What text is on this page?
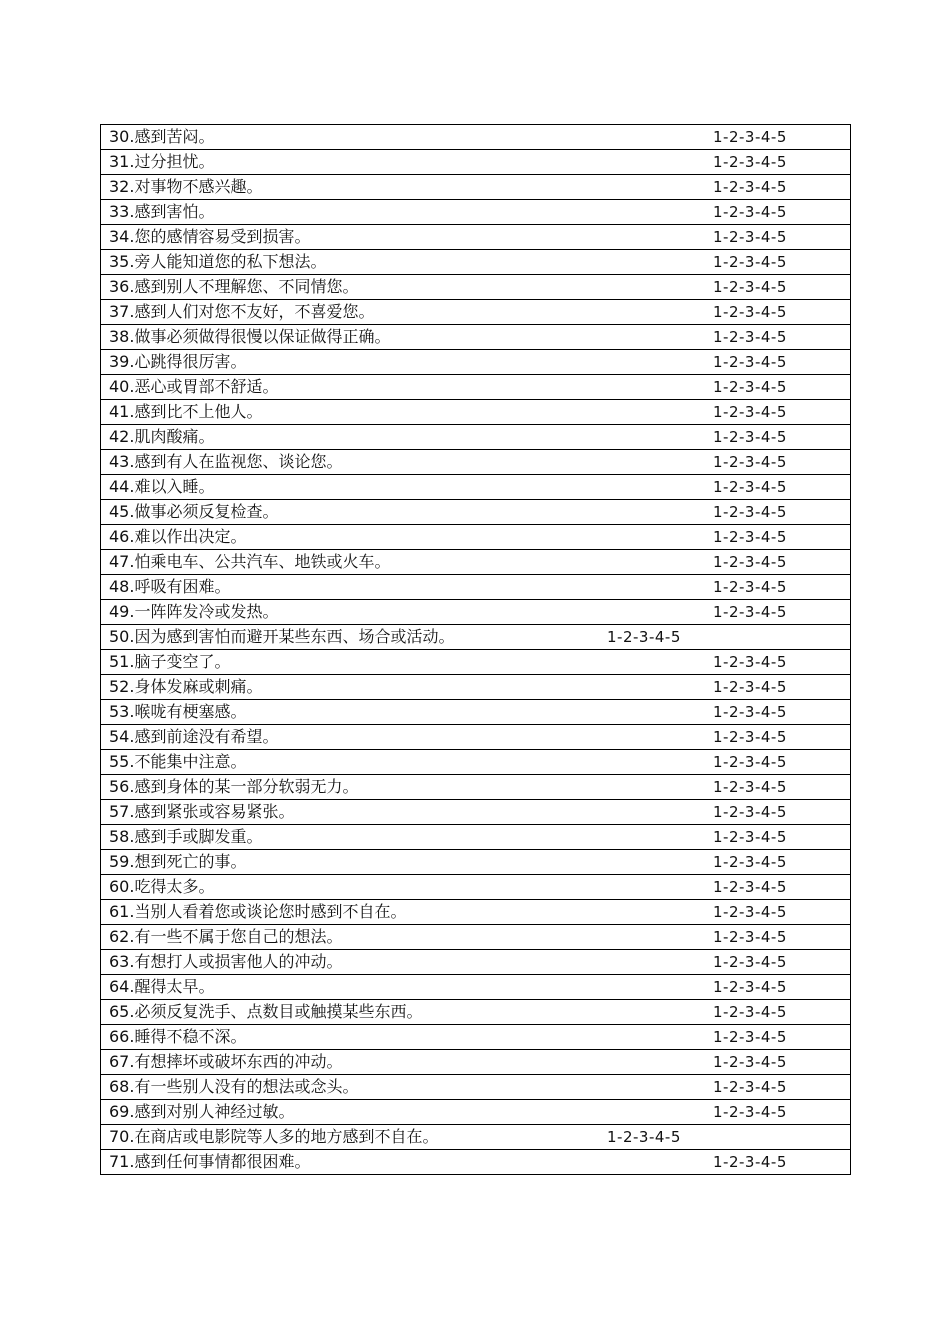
30.感到苦闷。	1-2-3-4-5

31.过分担忧。	1-2-3-4-5

32.对事物不感兴趣。	1-2-3-4-5

33.感到害怕。	1-2-3-4-5

34.您的感情容易受到损害。	1-2-3-4-5

35.旁人能知道您的私下想法。	1-2-3-4-5

36.感到别人不理解您、不同情您。	1-2-3-4-5

37.感到人们对您不友好，不喜爱您。	1-2-3-4-5

38.做事必须做得很慢以保证做得正确。	1-2-3-4-5

39.心跳得很厉害。	1-2-3-4-5

40.恶心或胃部不舒适。	1-2-3-4-5

41.感到比不上他人。	1-2-3-4-5

42.肌肉酸痛。	1-2-3-4-5

43.感到有人在监视您、谈论您。	1-2-3-4-5

44.难以入睡。	1-2-3-4-5

45.做事必须反复检查。	1-2-3-4-5

46.难以作出决定。	1-2-3-4-5

47.怕乘电车、公共汽车、地铁或火车。	1-2-3-4-5

48.呼吸有困难。	1-2-3-4-5

49.一阵阵发冷或发热。	1-2-3-4-5

50.因为感到害怕而避开某些东西、场合或活动。	1-2-3-4-5

51.脑子变空了。	1-2-3-4-5

52.身体发麻或刺痛。	1-2-3-4-5

53.喉咙有梗塞感。	1-2-3-4-5

54.感到前途没有希望。	1-2-3-4-5

55.不能集中注意。	1-2-3-4-5

56.感到身体的某一部分软弱无力。	1-2-3-4-5

57.感到紧张或容易紧张。	1-2-3-4-5

58.感到手或脚发重。	1-2-3-4-5

59.想到死亡的事。	1-2-3-4-5

60.吃得太多。	1-2-3-4-5

61.当别人看着您或谈论您时感到不自在。	1-2-3-4-5

62.有一些不属于您自己的想法。	1-2-3-4-5

63.有想打人或损害他人的冲动。	1-2-3-4-5

64.醒得太早。	1-2-3-4-5

65.必须反复洗手、点数目或触摸某些东西。	1-2-3-4-5

66.睡得不稳不深。	1-2-3-4-5

67.有想摔坏或破坏东西的冲动。	1-2-3-4-5

68.有一些别人没有的想法或念头。	1-2-3-4-5

69.感到对别人神经过敏。	1-2-3-4-5

70.在商店或电影院等人多的地方感到不自在。	1-2-3-4-5

71.感到任何事情都很困难。	1-2-3-4-5
